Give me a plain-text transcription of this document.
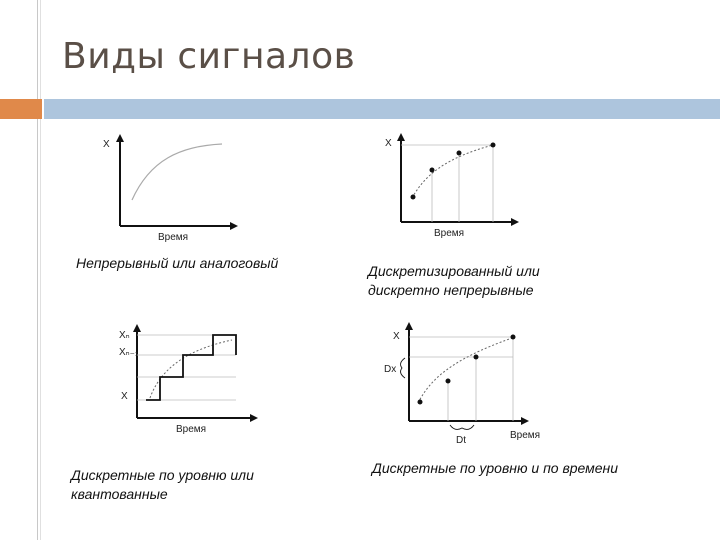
Виды сигналов
X
Время
X
Время
Xₙ
Xₙ₋₁
X
Время
X
Dx
Dt	Время
Непрерывный или аналоговый	Дискретизированный или
дискретно непрерывные
Дискретные по уровню или
квантованные
Дискретные по уровню и по времени
